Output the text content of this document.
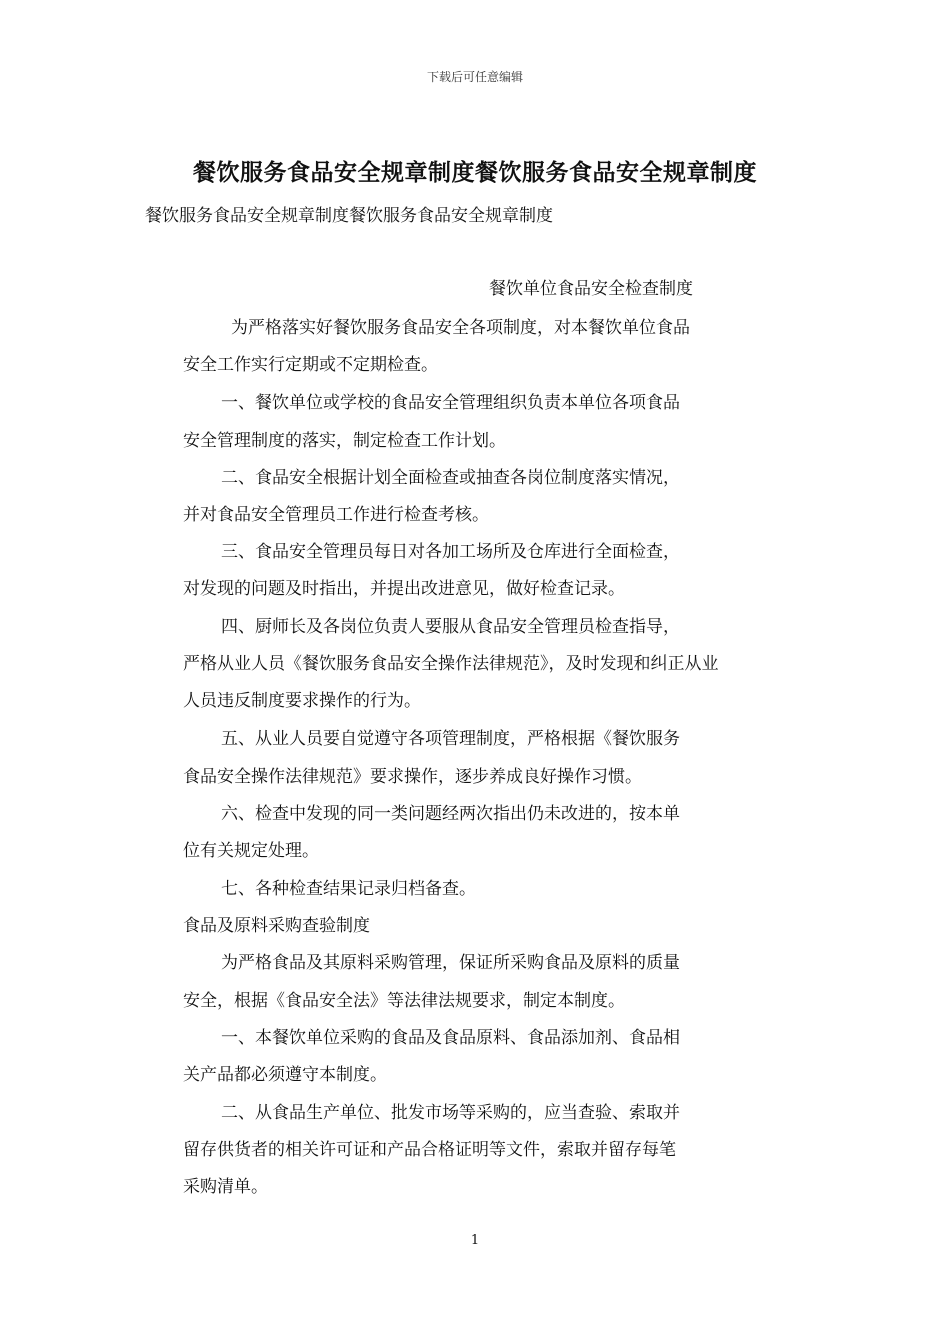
下载后可任意编辑
餐饮服务食品安全规章制度餐饮服务食品安全规章制度

餐饮服务食品安全规章制度餐饮服务食品安全规章制度

餐饮单位食品安全检查制度

为严格落实好餐饮服务食品安全各项制度，对本餐饮单位食品

安全工作实行定期或不定期检查。

一、餐饮单位或学校的食品安全管理组织负责本单位各项食品

安全管理制度的落实，制定检查工作计划。

二、食品安全根据计划全面检查或抽查各岗位制度落实情况，

并对食品安全管理员工作进行检查考核。

三、食品安全管理员每日对各加工场所及仓库进行全面检查，

对发现的问题及时指出，并提出改进意见，做好检查记录。

四、厨师长及各岗位负责人要服从食品安全管理员检查指导，

严格从业人员《餐饮服务食品安全操作法律规范》，及时发现和纠正从业

人员违反制度要求操作的行为。

五、从业人员要自觉遵守各项管理制度，严格根据《餐饮服务

食品安全操作法律规范》要求操作，逐步养成良好操作习惯。

六、检查中发现的同一类问题经两次指出仍未改进的，按本单

位有关规定处理。

七、各种检查结果记录归档备查。

食品及原料采购查验制度

为严格食品及其原料采购管理，保证所采购食品及原料的质量

安全，根据《食品安全法》等法律法规要求，制定本制度。

一、本餐饮单位采购的食品及食品原料、食品添加剂、食品相

关产品都必须遵守本制度。

二、从食品生产单位、批发市场等采购的，应当查验、索取并

留存供货者的相关许可证和产品合格证明等文件，索取并留存每笔

采购清单。

1
